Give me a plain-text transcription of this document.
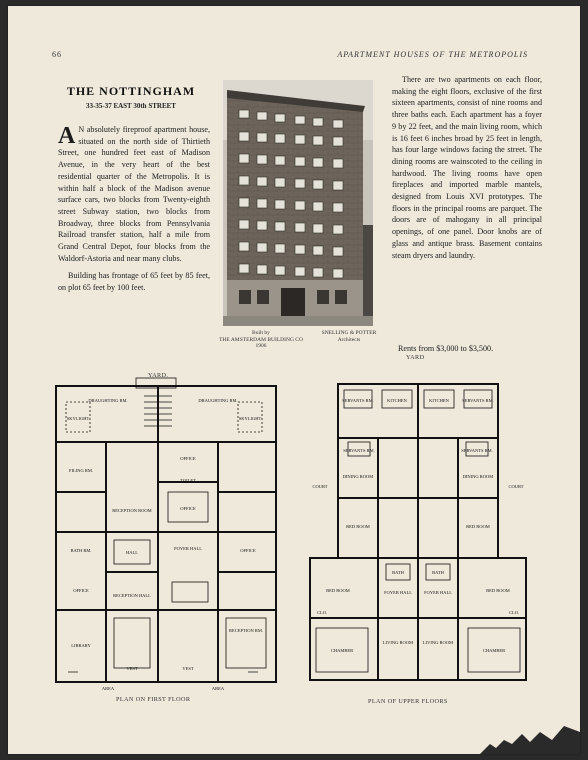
66	APARTMENT HOUSES OF THE METROPOLIS
THE NOTTINGHAM
33-35-37 EAST 30th STREET

A N absolutely fireproof apartment house, situated on the north side of Thirtieth Street, one hundred feet east of Madison Avenue, in the very heart of the best residential quarter of the Metropolis. It is within half a block of the Madison avenue surface cars, two blocks from Twenty-eighth street Subway station, two blocks from Broadway, three blocks from Pennsylvania Railroad transfer station, half a mile from Grand Central Depot, four blocks from the Waldorf-Astoria and near many clubs.

Building has frontage of 65 feet by 85 feet, on plot 65 feet by 100 feet.

Built by
THE AMSTERDAM BUILDING CO
1906
SNELLING & POTTER
Architects

There are two apartments on each floor, making the eight floors, exclusive of the first sixteen apartments, consist of nine rooms and three baths each. Each apartment has a foyer 9 by 22 feet, and the main living room, which is 16 feet 6 inches broad by 25 feet in length, has four large windows facing the street. The dining rooms are wainscoted to the ceiling in hardwood. The living rooms have open fireplaces and imported marble mantels, designed from Louis XVI prototypes. The floors in the principal rooms are parquet. The doors are of mahogany in all principal openings, of one panel. Door knobs are of glass and antique brass. Basement contains steam dryers and laundry.

Rents from $3,000 to $3,500.
YARD.
DRAUGHTING RM.	DRAUGHTING RM.
SKYLIGHT	SKYLIGHT
FILING RM.
OFFICE
OFFICE
RECEPTION ROOM
HALL
FOYER HALL
OFFICE
OFFICE
RECEPTION HALL
RECEPTION RM.
LIBRARY
AREA	AREA
TOILET
VEST	VEST
BATH RM.
PLAN ON FIRST FLOOR
YARD
SERVANTS RM.	KITCHEN	KITCHEN	SERVANTS RM.
SERVANTS RM.	SERVANTS RM.
COURT	COURT
DINING ROOM	DINING ROOM
BED ROOM	BED ROOM
BATH	BATH
FOYER HALL	FOYER HALL
BED ROOM	BED ROOM
LIVING ROOM LIVING ROOM
CHAMBER	CHAMBER
CLO.	CLO.
PLAN OF UPPER FLOORS
